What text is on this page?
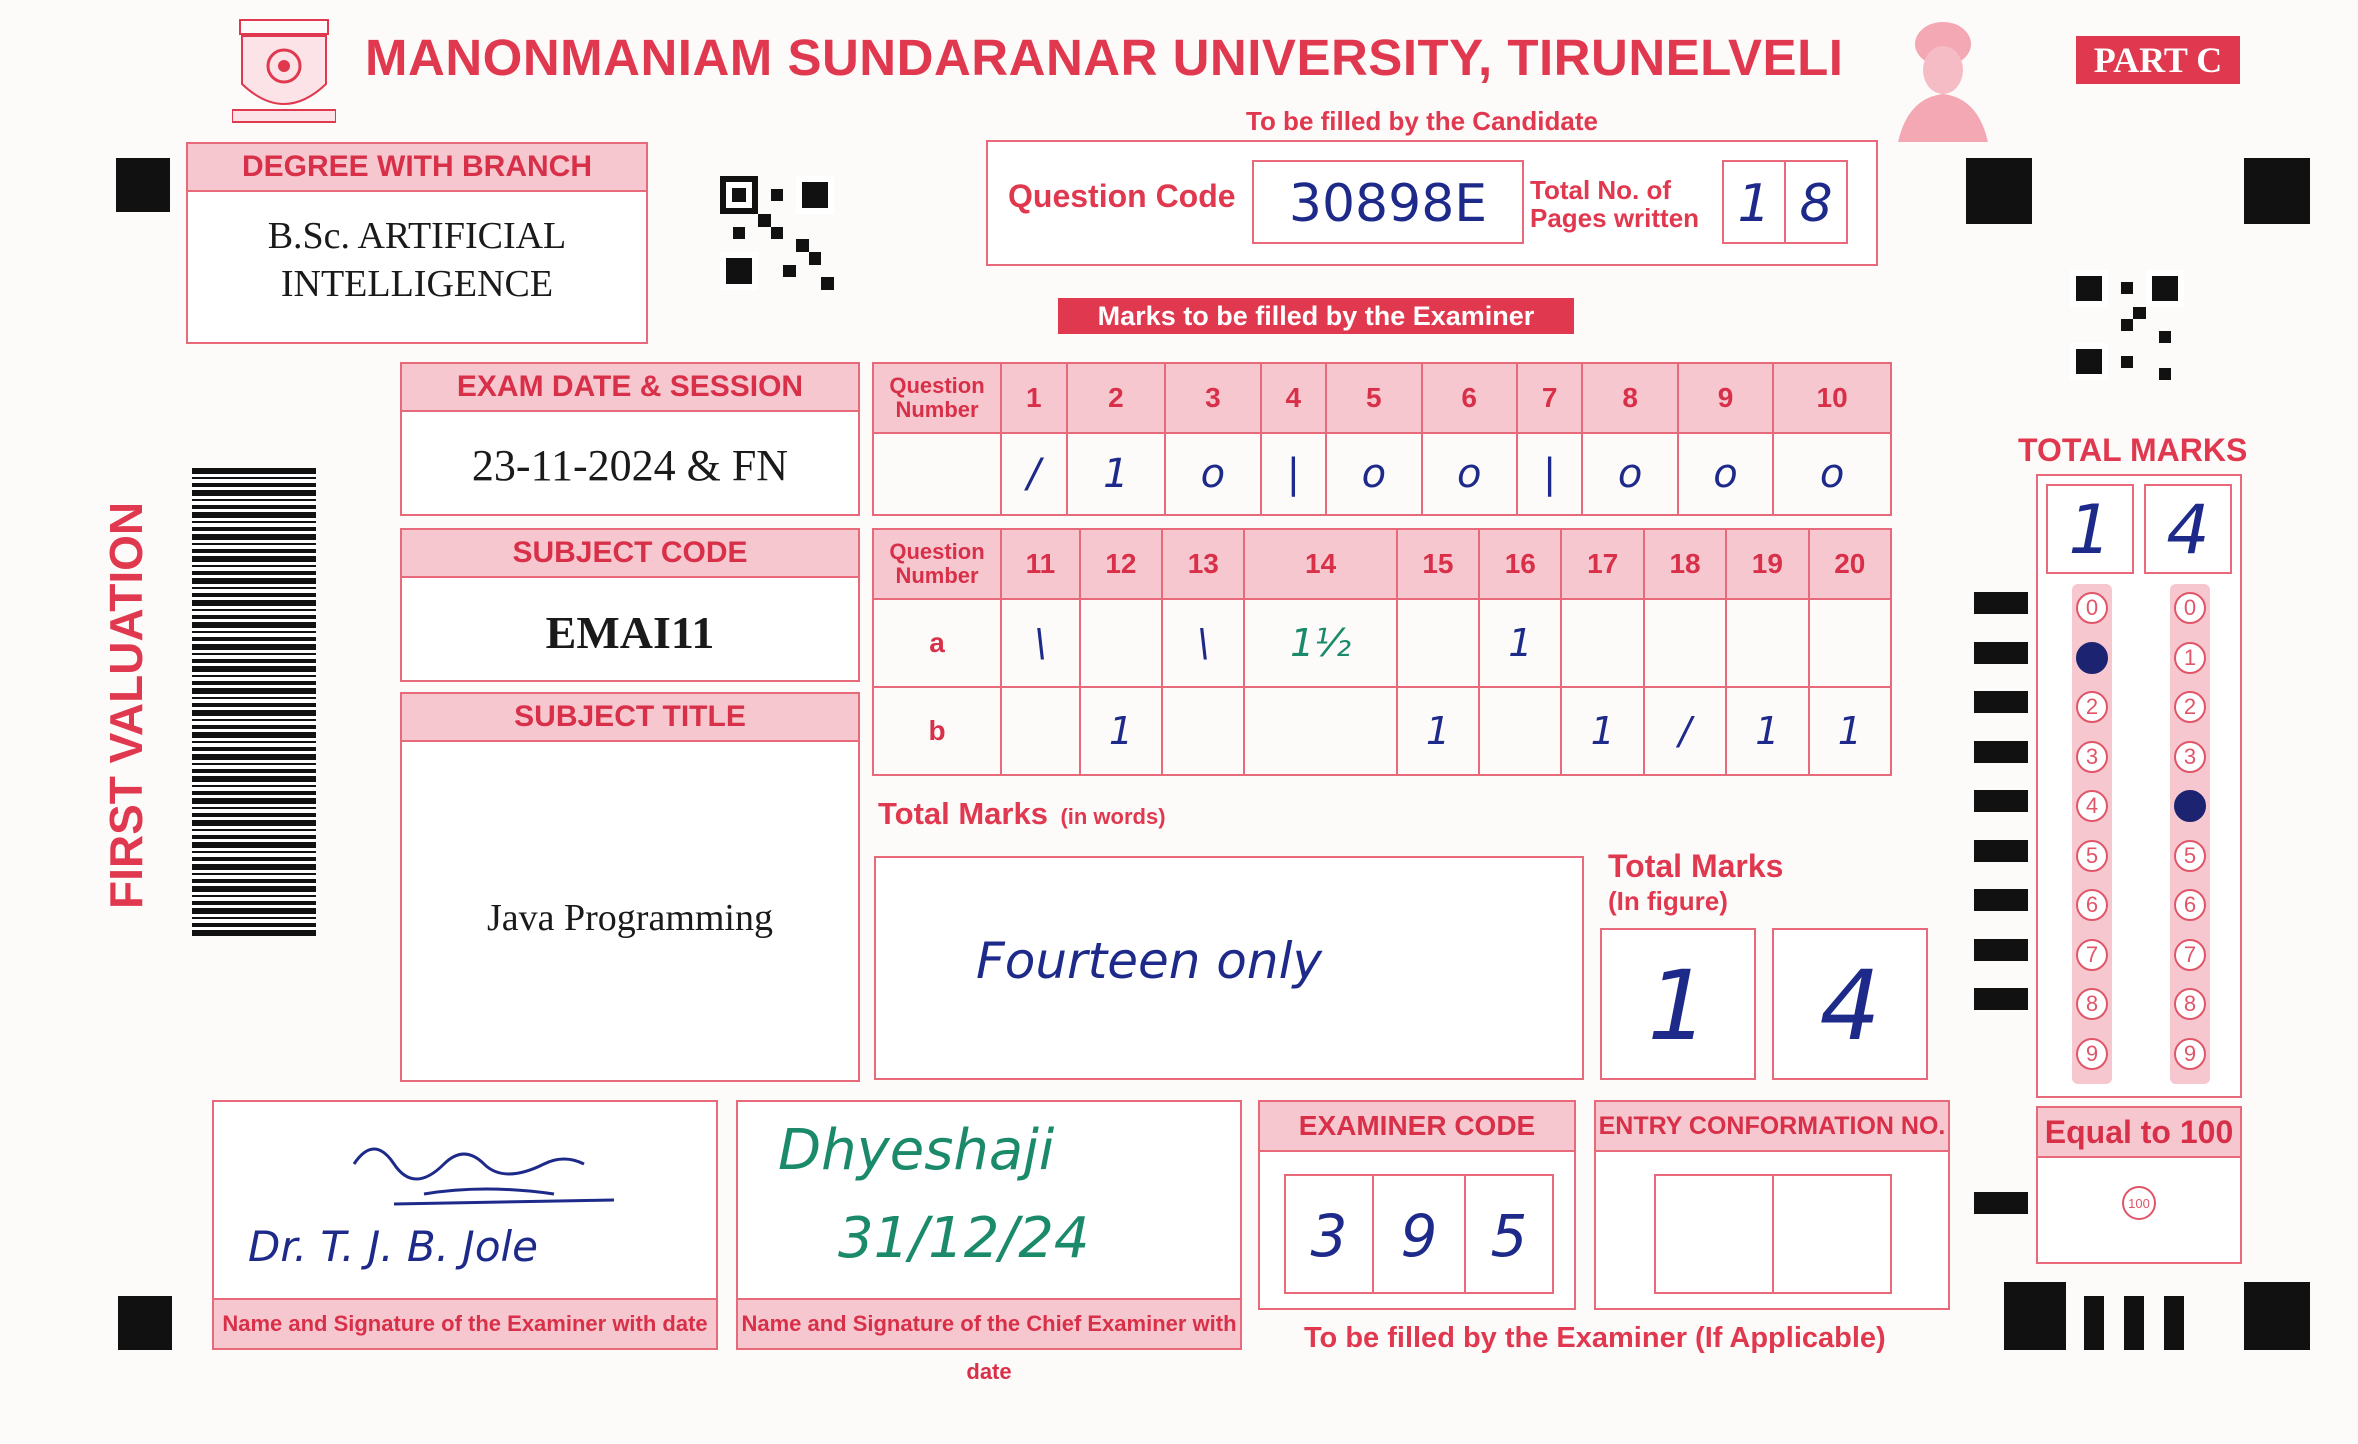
MANONMANIAM SUNDARANAR UNIVERSITY, TIRUNELVELI	PART C
To be filled by the Candidate
DEGREE WITH BRANCH
B.Sc. ARTIFICIAL
INTELLIGENCE
Question Code	30898E	Total No. of
Pages written 1 8
Marks to be filled by the Examiner
FIRST VALUATION
EXAM DATE & SESSION
23-11-2024 & FN
SUBJECT CODE
EMAI11
SUBJECT TITLE
Java Programming
Question
Number	1	2	3	4	5	6	7	8	9	10
	/	1	o	|	o	o	|	o	o	o
Question
Number	11	12	13	14	15	16	17	18	19	20
a	\		\	1½		1				
b		1			1		1	/	1	1
Total Marks (in words)
Fourteen only
Total Marks
(In figure)
1	4
TOTAL MARKS
1 4
0
1
2
3
4
5
6
7
8
9
0
1
2
3
4
5
6
7
8
9
Equal to 100
100
Dr. T. J. B. Jole
Name and Signature of the Examiner with date
Dhyeshaji
31/12/24
Name and Signature of the Chief Examiner with date
EXAMINER CODE
3 9 5
ENTRY CONFORMATION NO.
To be filled by the Examiner (If Applicable)
